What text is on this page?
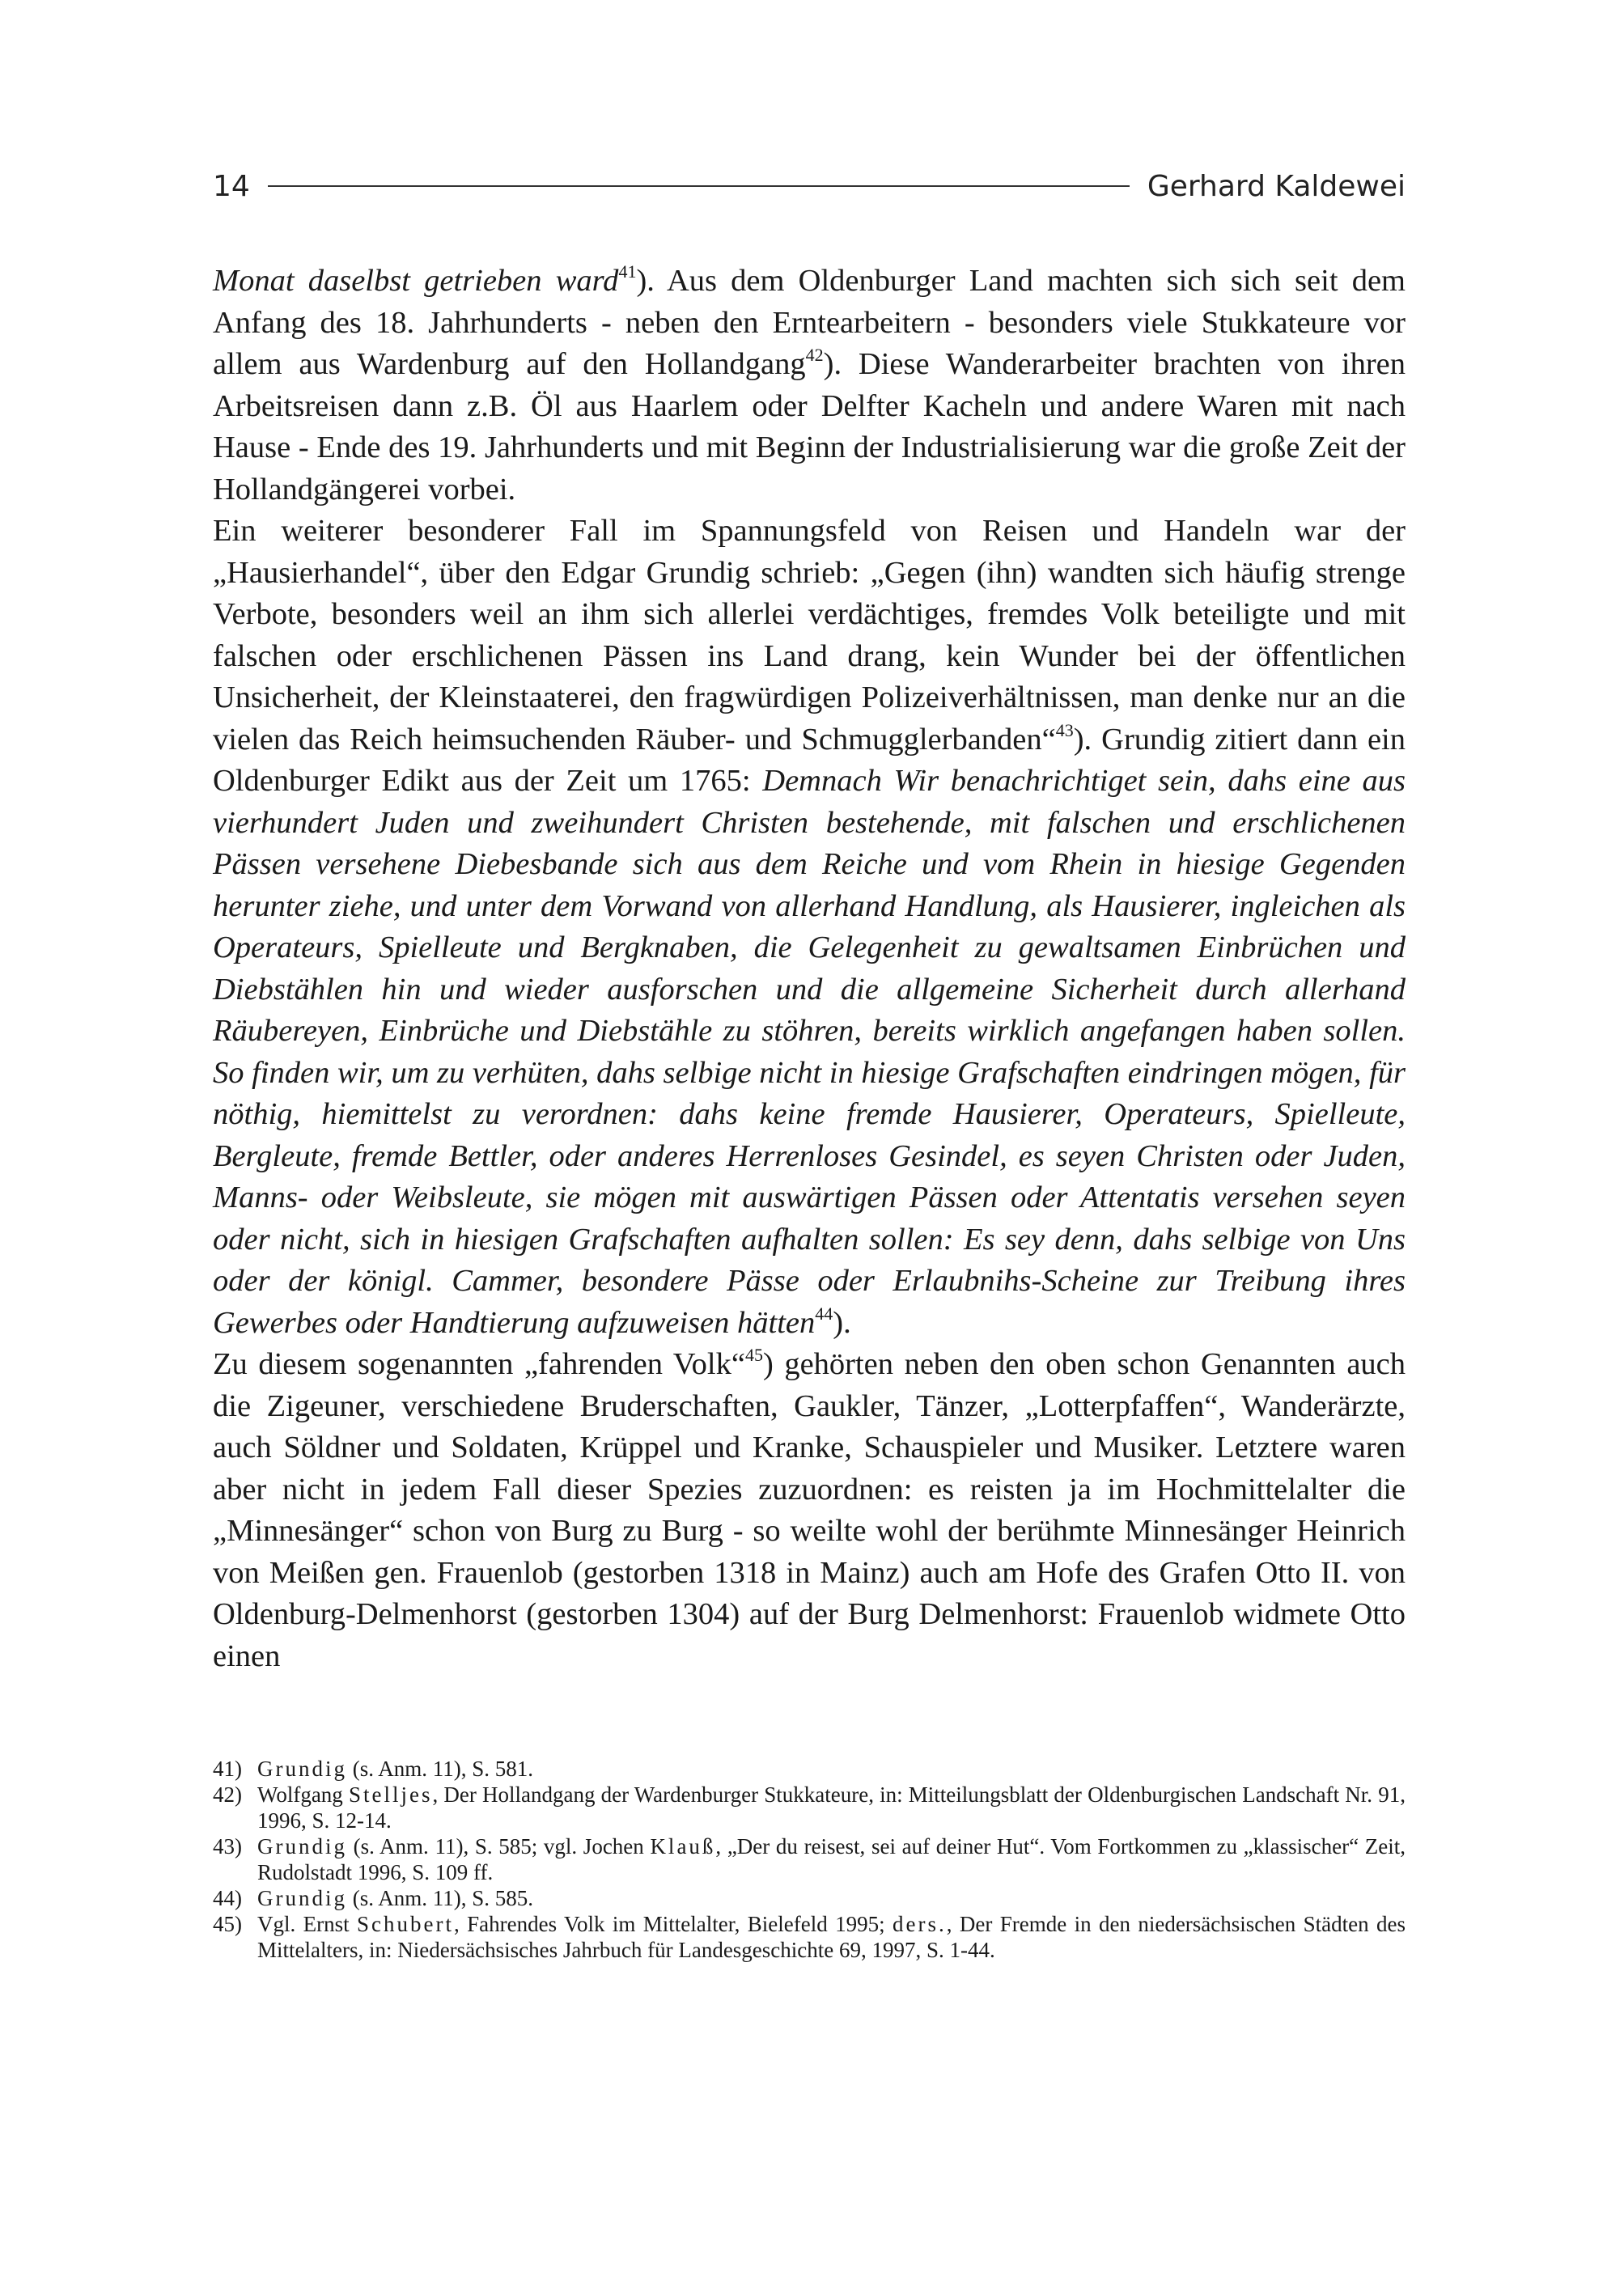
14	Gerhard Kaldewei

Monat daselbst getrieben ward$^{41}$). Aus dem Oldenburger Land machten sich sich seit dem Anfang des 18. Jahrhunderts - neben den Erntearbeitern - besonders viele Stukkateure vor allem aus Wardenburg auf den Hollandgang$^{42}$). Diese Wanderarbeiter brachten von ihren Arbeitsreisen dann z.B. Öl aus Haarlem oder Delfter Kacheln und andere Waren mit nach Hause - Ende des 19. Jahrhunderts und mit Beginn der Industrialisierung war die große Zeit der Hollandgängerei vorbei.

Ein weiterer besonderer Fall im Spannungsfeld von Reisen und Handeln war der „Hausierhandel“, über den Edgar Grundig schrieb: „Gegen (ihn) wandten sich häufig strenge Verbote, besonders weil an ihm sich allerlei verdächtiges, fremdes Volk beteiligte und mit falschen oder erschlichenen Pässen ins Land drang, kein Wunder bei der öffentlichen Unsicherheit, der Kleinstaaterei, den fragwürdigen Polizeiverhältnissen, man denke nur an die vielen das Reich heimsuchenden Räuber- und Schmugglerbanden“$^{43}$). Grundig zitiert dann ein Oldenburger Edikt aus der Zeit um 1765: Demnach Wir benachrichtiget sein, dahs eine aus vierhundert Juden und zweihundert Christen bestehende, mit falschen und erschlichenen Pässen versehene Diebesbande sich aus dem Reiche und vom Rhein in hiesige Gegenden herunter ziehe, und unter dem Vorwand von allerhand Handlung, als Hausierer, ingleichen als Operateurs, Spielleute und Bergknaben, die Gelegenheit zu gewaltsamen Einbrüchen und Diebstählen hin und wieder ausforschen und die allgemeine Sicherheit durch allerhand Räubereyen, Einbrüche und Diebstähle zu stöhren, bereits wirklich angefangen haben sollen. So finden wir, um zu verhüten, dahs selbige nicht in hiesige Grafschaften eindringen mögen, für nöthig, hiemittelst zu verordnen: dahs keine fremde Hausierer, Operateurs, Spielleute, Bergleute, fremde Bettler, oder anderes Herrenloses Gesindel, es seyen Christen oder Juden, Manns- oder Weibsleute, sie mögen mit auswärtigen Pässen oder Attentatis versehen seyen oder nicht, sich in hiesigen Grafschaften aufhalten sollen: Es sey denn, dahs selbige von Uns oder der königl. Cammer, besondere Pässe oder Erlaubnihs-Scheine zur Treibung ihres Gewerbes oder Handtierung aufzuweisen hätten$^{44}$).

Zu diesem sogenannten „fahrenden Volk“$^{45}$) gehörten neben den oben schon Genannten auch die Zigeuner, verschiedene Bruderschaften, Gaukler, Tänzer, „Lotterpfaffen“, Wanderärzte, auch Söldner und Soldaten, Krüppel und Kranke, Schauspieler und Musiker. Letztere waren aber nicht in jedem Fall dieser Spezies zuzuordnen: es reisten ja im Hochmittelalter die „Minnesänger“ schon von Burg zu Burg - so weilte wohl der berühmte Minnesänger Heinrich von Meißen gen. Frauenlob (gestorben 1318 in Mainz) auch am Hofe des Grafen Otto II. von Oldenburg-Delmenhorst (gestorben 1304) auf der Burg Delmenhorst: Frauenlob widmete Otto einen

41) Grundig (s. Anm. 11), S. 581.
42) Wolfgang Stelljes, Der Hollandgang der Wardenburger Stukkateure, in: Mitteilungsblatt der Oldenburgischen Landschaft Nr. 91, 1996, S. 12-14.
43) Grundig (s. Anm. 11), S. 585; vgl. Jochen Klauß, „Der du reisest, sei auf deiner Hut“. Vom Fortkommen zu „klassischer“ Zeit, Rudolstadt 1996, S. 109 ff.
44) Grundig (s. Anm. 11), S. 585.
45) Vgl. Ernst Schubert, Fahrendes Volk im Mittelalter, Bielefeld 1995; ders., Der Fremde in den niedersächsischen Städten des Mittelalters, in: Niedersächsisches Jahrbuch für Landesgeschichte 69, 1997, S. 1-44.
